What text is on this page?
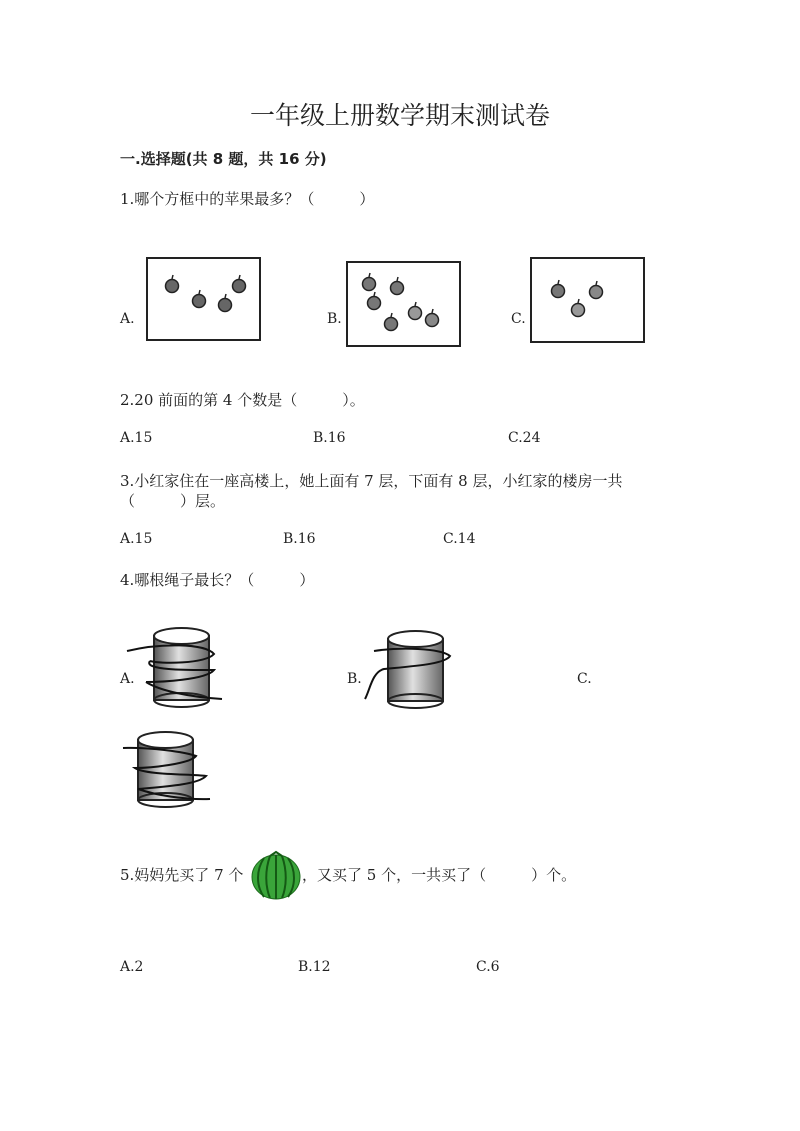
一年级上册数学期末测试卷
一.选择题(共 8 题，共 16 分)
1.哪个方框中的苹果最多？（　　　）
A.	B.	C.
2.20 前面的第 4 个数是（　　　）。
A.15	B.16	C.24
3.小红家住在一座高楼上，她上面有 7 层，下面有 8 层，小红家的楼房一共
（　　　）层。
A.15	B.16	C.14
4.哪根绳子最长？（　　　）
A.	B.	C.
5.妈妈先买了 7 个	，又买了 5 个，一共买了（　　　）个。
A.2	B.12	C.6
